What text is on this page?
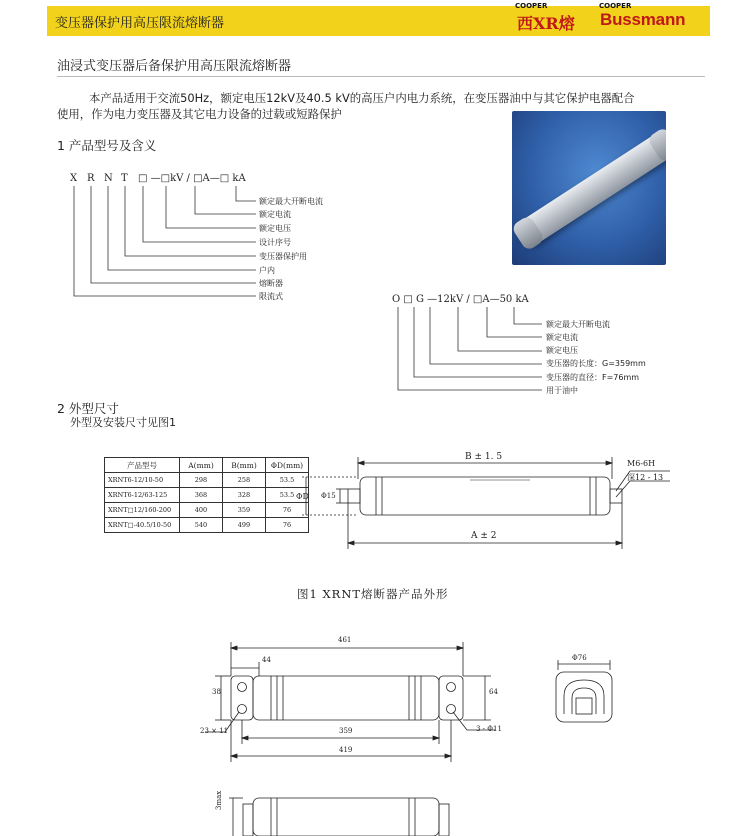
变压器保护用高压限流熔断器
COOPER
西XR熔
COOPER
Bussmann
油浸式变压器后备保护用高压限流熔断器
本产品适用于交流50Hz，额定电压12kV及40.5 kV的高压户内电力系统，在变压器油中与其它保护电器配合
使用，作为电力变压器及其它电力设备的过载或短路保护
1 产品型号及含义
X R N T □ —□kV / □A—□ kA
额定最大开断电流
额定电流
额定电压
设计序号
变压器保护用
户内
熔断器
限流式	O □ G —12kV / □A—50 kA
额定最大开断电流
额定电流
额定电压
变压器的长度：G=359mm
变压器的直径：F=76mm
用于油中
2 外型尺寸
外型及安装尺寸见图1
产品型号	A(mm)	B(mm)	ΦD(mm)
XRNT6-12/10-50	298	258	53.5
XRNT6-12/63-125	368	328	53.5
XRNT□12/160-200	400	359	76
XRNT□-40.5/10-50	540	499	76
B ± 1. 5
A ± 2
ΦD Φ15
M6-6H
深12 - 13
图1 XRNT熔断器产品外形
461
44
38	64
359
419
23 × 11	3 - Φ11
3max
Φ76
